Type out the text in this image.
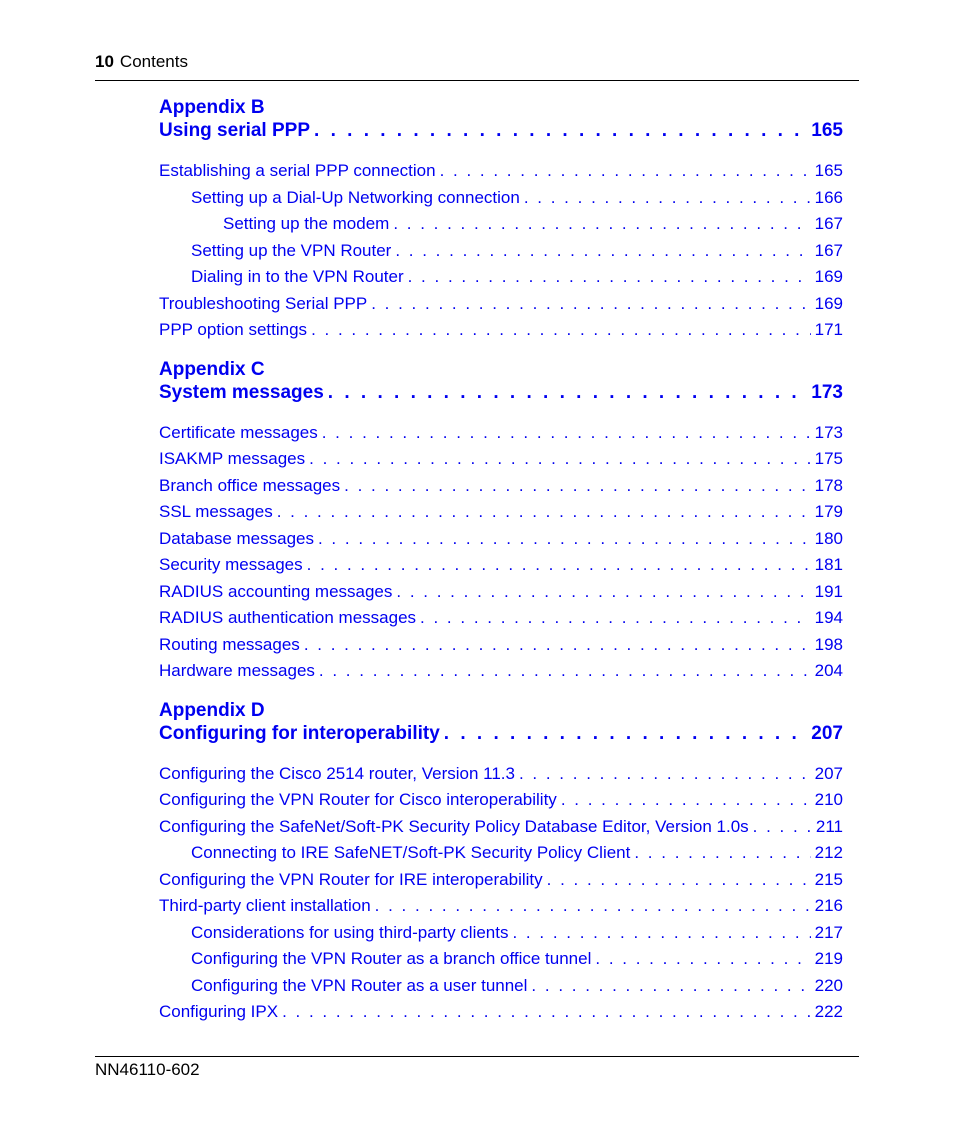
10 Contents
Appendix B
Using serial PPP . . .	165
Establishing a serial PPP connection . . .	165
Setting up a Dial-Up Networking connection . . .	166
Setting up the modem . . .	167
Setting up the VPN Router . . .	167
Dialing in to the VPN Router . . .	169
Troubleshooting Serial PPP . . .	169
PPP option settings . . .	171
Appendix C
System messages . . .	173
Certificate messages . . .	173
ISAKMP messages . . .	175
Branch office messages . . .	178
SSL messages . . .	179
Database messages . . .	180
Security messages . . .	181
RADIUS accounting messages . . .	191
RADIUS authentication messages . . .	194
Routing messages . . .	198
Hardware messages . . .	204
Appendix D
Configuring for interoperability . . .	207
Configuring the Cisco 2514 router, Version 11.3 . . .	207
Configuring the VPN Router for Cisco interoperability . . .	210
Configuring the SafeNet/Soft-PK Security Policy Database Editor, Version 1.0s . . .	211
Connecting to IRE SafeNET/Soft-PK Security Policy Client . . .	212
Configuring the VPN Router for IRE interoperability . . .	215
Third-party client installation . . .	216
Considerations for using third-party clients . . .	217
Configuring the VPN Router as a branch office tunnel . . .	219
Configuring the VPN Router as a user tunnel . . .	220
Configuring IPX . . .	222
NN46110-602
